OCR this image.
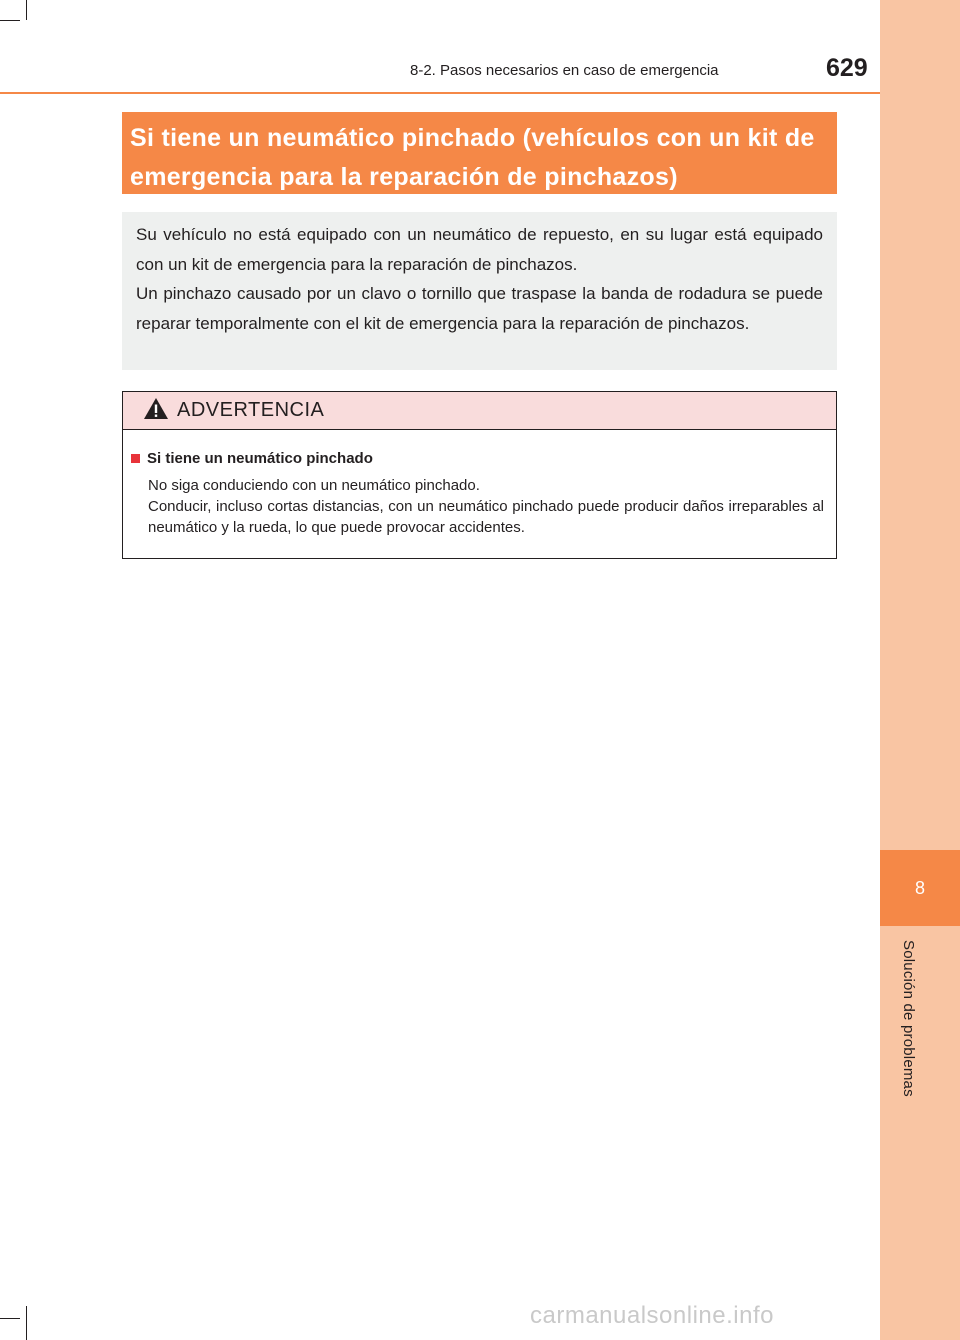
8
Solución de problemas
8-2. Pasos necesarios en caso de emergencia	629
Si tiene un neumático pinchado (vehículos con un kit de emergencia para la reparación de pinchazos)

Su vehículo no está equipado con un neumático de repuesto, en su lugar está equipado con un kit de emergencia para la reparación de pinchazos.

Un pinchazo causado por un clavo o tornillo que traspase la banda de rodadura se puede reparar temporalmente con el kit de emergencia para la reparación de pinchazos.

ADVERTENCIA
Si tiene un neumático pinchado

No siga conduciendo con un neumático pinchado.

Conducir, incluso cortas distancias, con un neumático pinchado puede producir daños irreparables al neumático y la rueda, lo que puede provocar accidentes.

carmanualsonline.info
